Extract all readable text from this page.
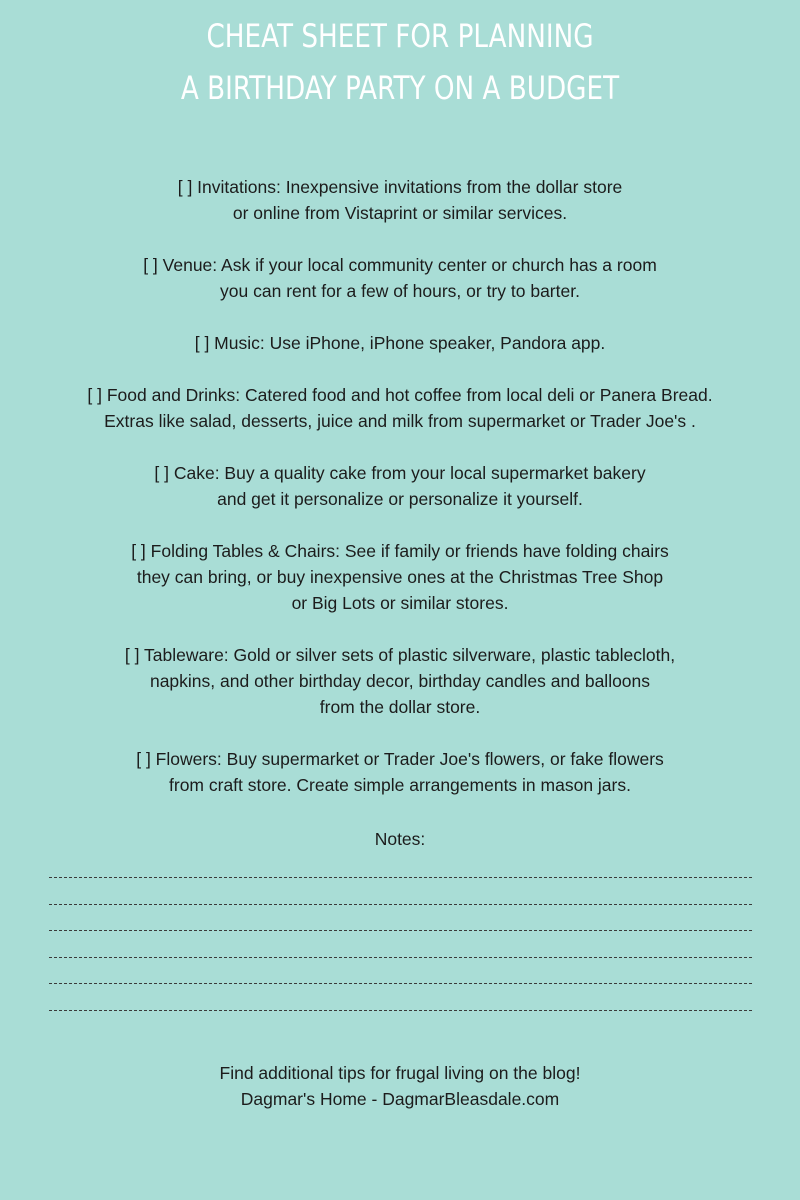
CHEAT SHEET FOR PLANNING
A BIRTHDAY PARTY ON A BUDGET
[ ] Invitations: Inexpensive invitations from the dollar store
or online from Vistaprint or similar services.
[ ] Venue: Ask if your local community center or church has a room
you can rent for a few of hours, or try to barter.
[ ] Music: Use iPhone, iPhone speaker, Pandora app.
[ ] Food and Drinks: Catered food and hot coffee from local deli or Panera Bread.
Extras like salad, desserts, juice and milk from supermarket or Trader Joe's .
[ ] Cake: Buy a quality cake from your local supermarket bakery
and get it personalize or personalize it yourself.
[ ] Folding Tables & Chairs: See if family or friends have folding chairs
they can bring, or buy inexpensive ones at the Christmas Tree Shop
or Big Lots or similar stores.
[ ] Tableware: Gold or silver sets of plastic silverware, plastic tablecloth,
napkins, and other birthday decor, birthday candles and balloons
from the dollar store.
[ ] Flowers: Buy supermarket or Trader Joe's flowers, or fake flowers
from craft store. Create simple arrangements in mason jars.
Notes:
Find additional tips for frugal living on the blog!
Dagmar's Home - DagmarBleasdale.com
